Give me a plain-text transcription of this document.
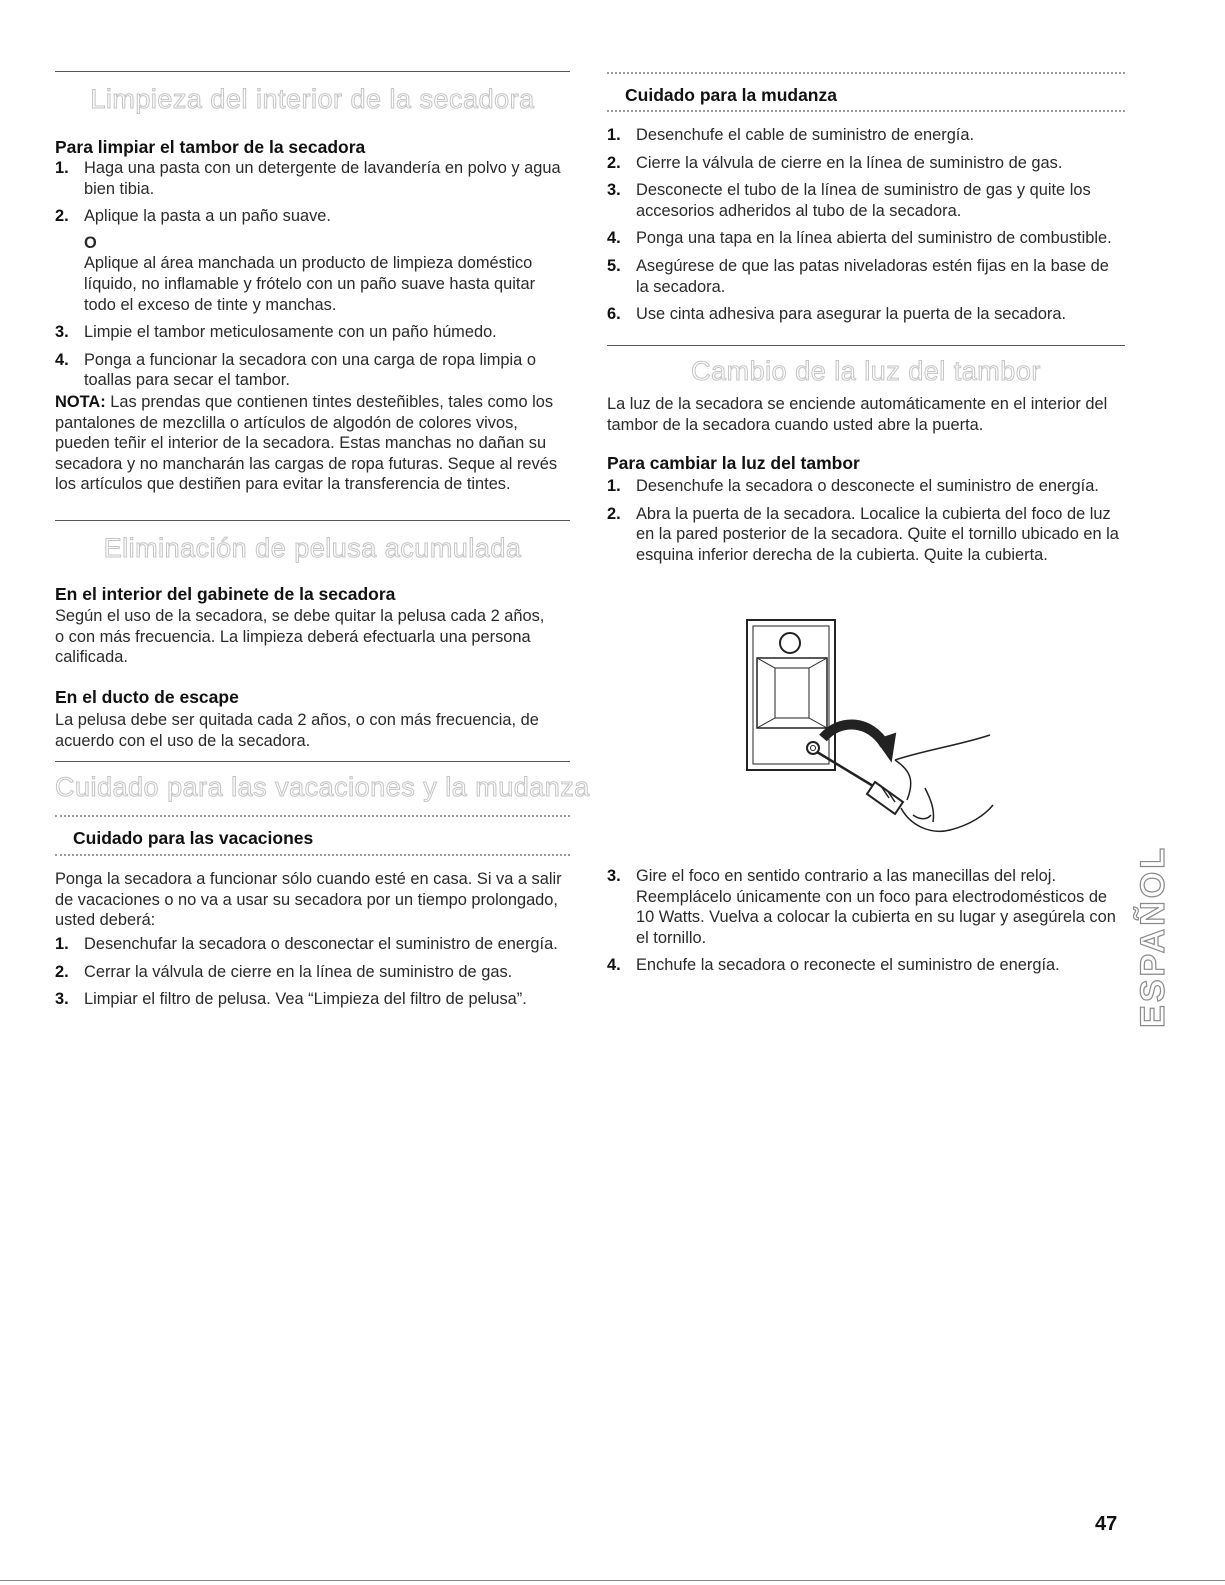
Limpieza del interior de la secadora
Para limpiar el tambor de la secadora
1. Haga una pasta con un detergente de lavandería en polvo y agua bien tibia.
2. Aplique la pasta a un paño suave.
O
Aplique al área manchada un producto de limpieza doméstico líquido, no inflamable y frótelo con un paño suave hasta quitar todo el exceso de tinte y manchas.
3. Limpie el tambor meticulosamente con un paño húmedo.
4. Ponga a funcionar la secadora con una carga de ropa limpia o toallas para secar el tambor.

NOTA: Las prendas que contienen tintes desteñibles, tales como los pantalones de mezclilla o artículos de algodón de colores vivos, pueden teñir el interior de la secadora. Estas manchas no dañan su secadora y no mancharán las cargas de ropa futuras. Seque al revés los artículos que destiñen para evitar la transferencia de tintes.

Eliminación de pelusa acumulada
En el interior del gabinete de la secadora

Según el uso de la secadora, se debe quitar la pelusa cada 2 años, o con más frecuencia. La limpieza deberá efectuarla una persona calificada.

En el ducto de escape

La pelusa debe ser quitada cada 2 años, o con más frecuencia, de acuerdo con el uso de la secadora.

Cuidado para las vacaciones y la mudanza
Cuidado para las vacaciones

Ponga la secadora a funcionar sólo cuando esté en casa. Si va a salir de vacaciones o no va a usar su secadora por un tiempo prolongado, usted deberá:

1. Desenchufar la secadora o desconectar el suministro de energía.
2. Cerrar la válvula de cierre en la línea de suministro de gas.
3. Limpiar el filtro de pelusa. Vea “Limpieza del filtro de pelusa”.
Cuidado para la mudanza
1. Desenchufe el cable de suministro de energía.
2. Cierre la válvula de cierre en la línea de suministro de gas.
3. Desconecte el tubo de la línea de suministro de gas y quite los accesorios adheridos al tubo de la secadora.
4. Ponga una tapa en la línea abierta del suministro de combustible.
5. Asegúrese de que las patas niveladoras estén fijas en la base de la secadora.
6. Use cinta adhesiva para asegurar la puerta de la secadora.
Cambio de la luz del tambor

La luz de la secadora se enciende automáticamente en el interior del tambor de la secadora cuando usted abre la puerta.

Para cambiar la luz del tambor
1. Desenchufe la secadora o desconecte el suministro de energía.
2. Abra la puerta de la secadora. Localice la cubierta del foco de luz en la pared posterior de la secadora. Quite el tornillo ubicado en la esquina inferior derecha de la cubierta. Quite la cubierta.
3. Gire el foco en sentido contrario a las manecillas del reloj. Reemplácelo únicamente con un foco para electrodomésticos de 10 Watts. Vuelva a colocar la cubierta en su lugar y asegúrela con el tornillo.
4. Enchufe la secadora o reconecte el suministro de energía.	ESPAÑOL
47
